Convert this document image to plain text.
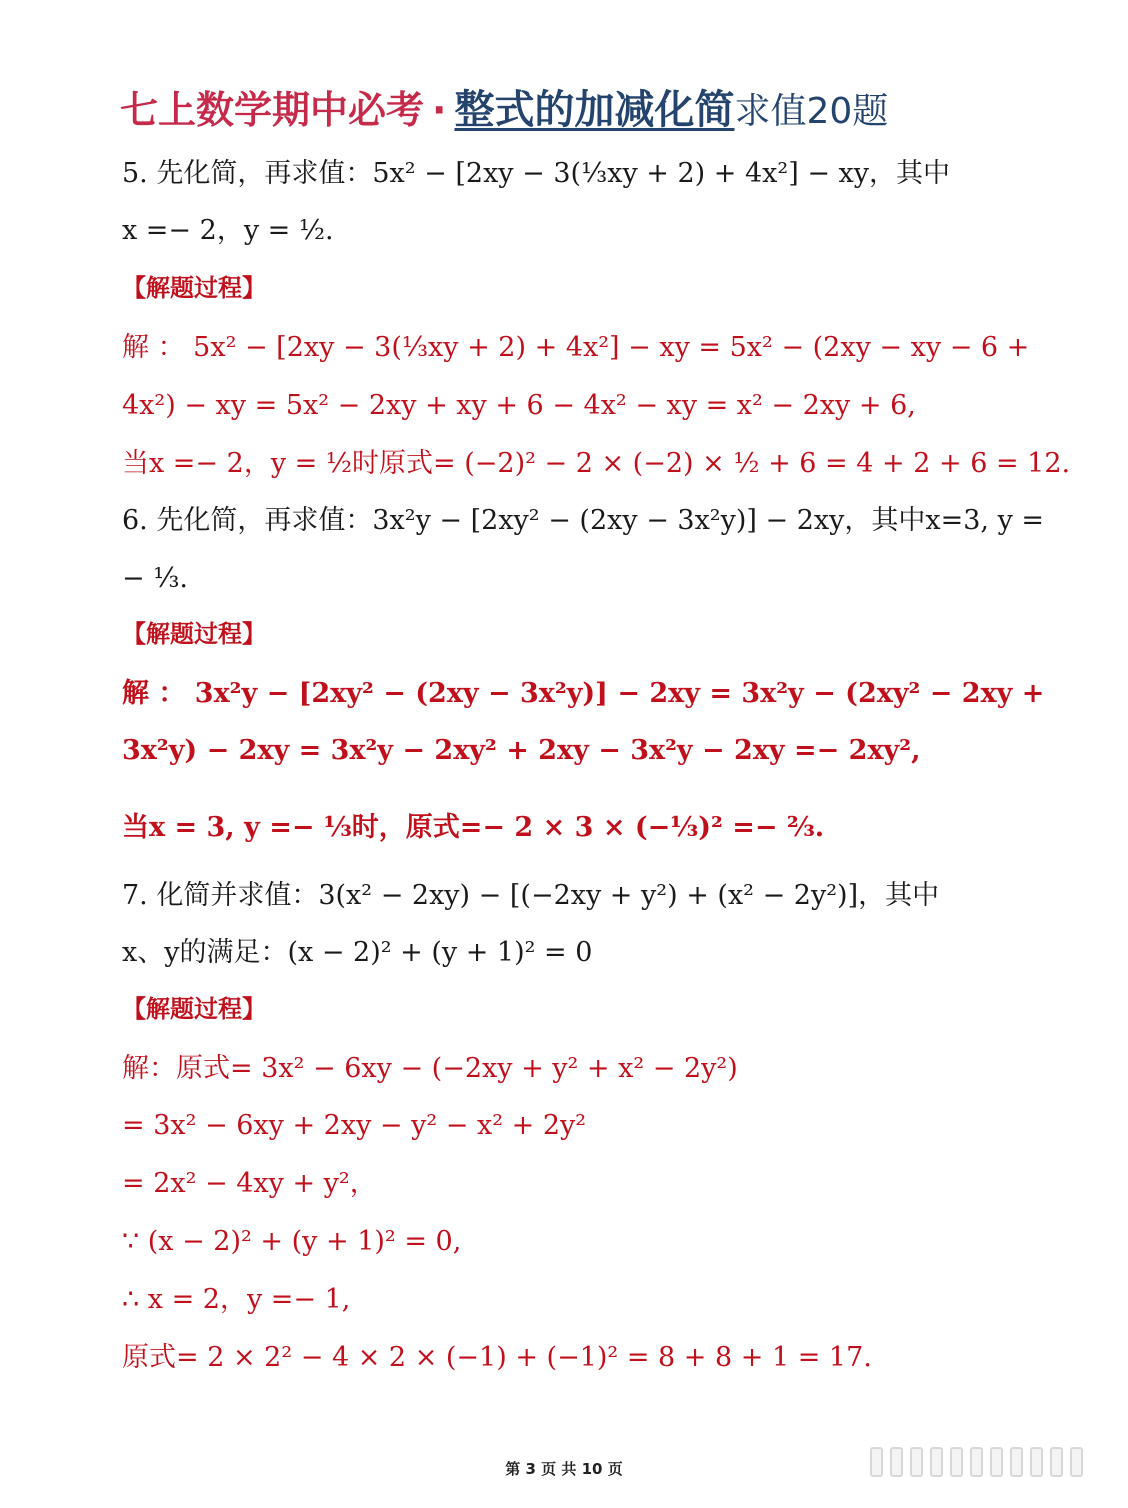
七上数学期中必考 · 整式的加减化简求值20题
5. 先化简，再求值：5x² − [2xy − 3(⅓xy + 2) + 4x²] − xy，其中
x =− 2，y = ½.
【解题过程】
解 ： 5x² − [2xy − 3(⅓xy + 2) + 4x²] − xy = 5x² − (2xy − xy − 6 +
4x²) − xy = 5x² − 2xy + xy + 6 − 4x² − xy = x² − 2xy + 6,
当x =− 2，y = ½时原式= (−2)² − 2 × (−2) × ½ + 6 = 4 + 2 + 6 = 12.
6. 先化简，再求值：3x²y − [2xy² − (2xy − 3x²y)] − 2xy，其中x=3, y =
− ⅓.
【解题过程】
解 ： 3x²y − [2xy² − (2xy − 3x²y)] − 2xy = 3x²y − (2xy² − 2xy +
3x²y) − 2xy = 3x²y − 2xy² + 2xy − 3x²y − 2xy =− 2xy²,
当x = 3, y =− ⅓时，原式=− 2 × 3 × (−⅓)² =− ⅔.
7. 化简并求值：3(x² − 2xy) − [(−2xy + y²) + (x² − 2y²)]，其中
x、y的满足：(x − 2)² + (y + 1)² = 0
【解题过程】
解：原式= 3x² − 6xy − (−2xy + y² + x² − 2y²)
= 3x² − 6xy + 2xy − y² − x² + 2y²
= 2x² − 4xy + y²，
∵ (x − 2)² + (y + 1)² = 0,
∴ x = 2，y =− 1,
原式= 2 × 2² − 4 × 2 × (−1) + (−1)² = 8 + 8 + 1 = 17.
第 3 页 共 10 页
